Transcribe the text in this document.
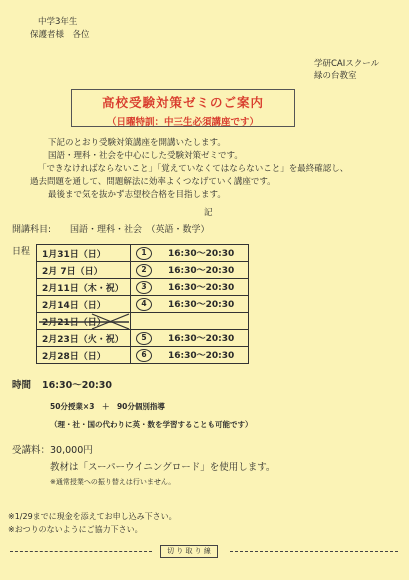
中学3年生
保護者様　各位
学研CAIスクール
緑の台教室
高校受験対策ゼミのご案内
（日曜特訓：中三生必須講座です）
下記のとおり受験対策講座を開講いたします。
国語・理科・社会を中心にした受験対策ゼミです。
「できなければならないこと」「覚えていなくてはならないこと」を最終確認し、
過去問題を通して、問題解法に効率よくつなげていく講座です。
最後まで気を抜かず志望校合格を目指します。
記
開講科目: 国語・理科・社会　（英語・数学）
日程 1月31日（日）	1 16:30〜20:30
2月 7日（日）	2 16:30〜20:30
2月11日（木・祝）	3 16:30〜20:30
2月14日（日）	4 16:30〜20:30
2月21日（日）

2月23日（火・祝）	5 16:30〜20:30
2月28日（日）	6 16:30〜20:30
時間 16:30〜20:30
50分授業×3　＋　90分個別指導
（理・社・国の代わりに英・数を学習することも可能です）
受講料：30,000円
教材は「スーパーウイニングロード」を使用します。
※通常授業への振り替えは行いません。
※1/29までに現金を添えてお申し込み下さい。
※おつりのないようにご協力下さい。
切 り 取 り 線
